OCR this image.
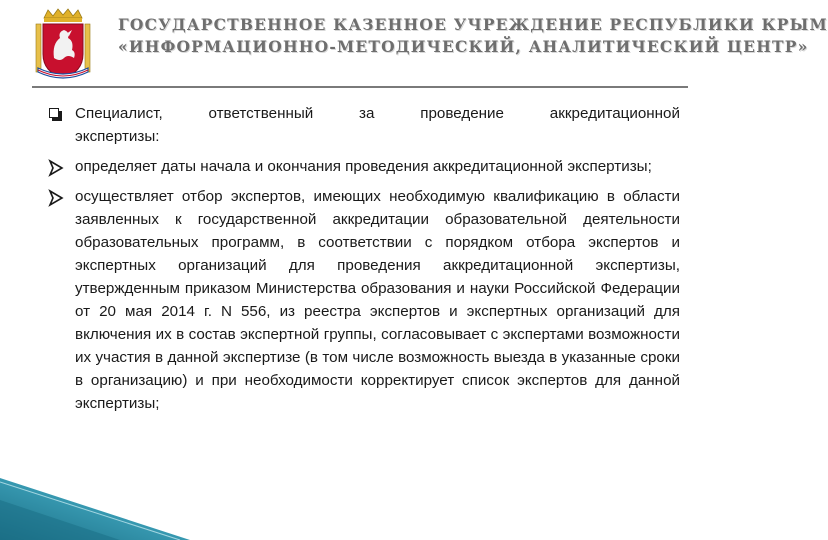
ГОСУДАРСТВЕННОЕ КАЗЕННОЕ УЧРЕЖДЕНИЕ РЕСПУБЛИКИ КРЫМ
«ИНФОРМАЦИОННО-МЕТОДИЧЕСКИЙ, АНАЛИТИЧЕСКИЙ ЦЕНТР»
Специалист, ответственный за проведение аккредитационной
экспертизы:
определяет даты начала и окончания проведения аккредитационной экспертизы;
осуществляет отбор экспертов, имеющих необходимую квалификацию в области заявленных к государственной аккредитации образовательной деятельности образовательных программ, в соответствии с порядком отбора экспертов и экспертных организаций для проведения аккредитационной экспертизы, утвержденным приказом Министерства образования и науки Российской Федерации от 20 мая 2014 г. N 556, из реестра экспертов и экспертных организаций для включения их в состав экспертной группы, согласовывает с экспертами возможности их участия в данной экспертизе (в том числе возможность выезда в указанные сроки в организацию) и при необходимости корректирует список экспертов для данной экспертизы;
